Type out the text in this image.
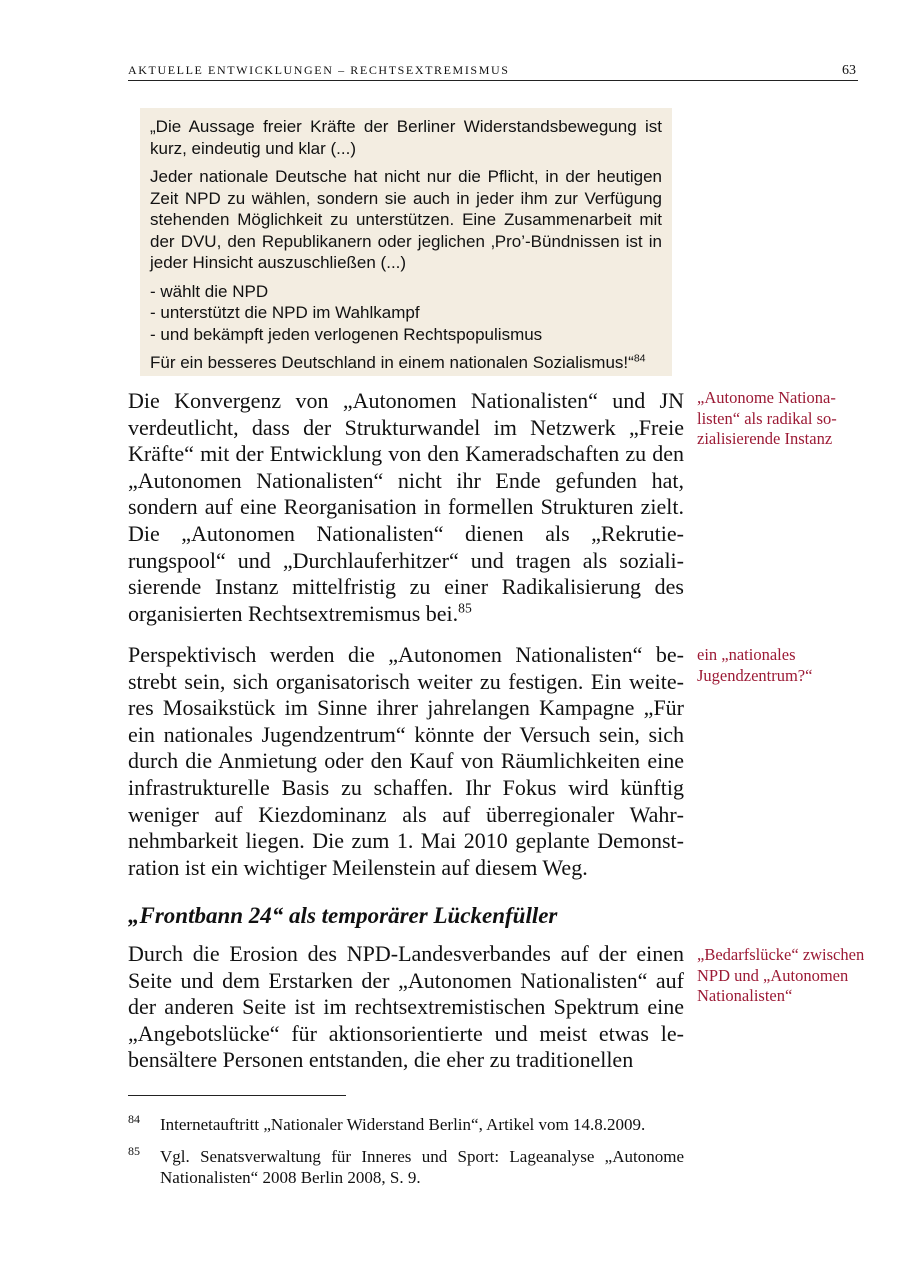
AKTUELLE ENTWICKLUNGEN – RECHTSEXTREMISMUS	63

„Die Aussage freier Kräfte der Berliner Widerstandsbewegung ist kurz, eindeutig und klar (...)

Jeder nationale Deutsche hat nicht nur die Pflicht, in der heutigen Zeit NPD zu wählen, sondern sie auch in jeder ihm zur Verfügung stehenden Möglichkeit zu unterstützen. Eine Zusammenarbeit mit der DVU, den Republikanern oder jeglichen ‚Pro’-Bündnissen ist in jeder Hinsicht auszuschließen (...)

- wählt die NPD
- unterstützt die NPD im Wahlkampf
- und bekämpft jeden verlogenen Rechtspopulismus

Für ein besseres Deutschland in einem nationalen Sozialismus!“$^{84}$

Die Konvergenz von „Autonomen Nationalisten“ und JN verdeutlicht, dass der Strukturwandel im Netzwerk „Freie Kräfte“ mit der Entwicklung von den Kameradschaften zu den „Autonomen Nationalisten“ nicht ihr Ende gefunden hat, sondern auf eine Reorganisation in formellen Strukturen zielt. Die „Autonomen Nationalisten“ dienen als „Rekrutierungspool“ und „Durchlauferhitzer“ und tragen als sozialisierende Instanz mittelfristig zu einer Radikalisierung des organisierten Rechtsextremismus bei.$^{85}$

„Autonome Nationalisten“ als radikal sozialisierende Instanz

Perspektivisch werden die „Autonomen Nationalisten“ bestrebt sein, sich organisatorisch weiter zu festigen. Ein weiteres Mosaikstück im Sinne ihrer jahrelangen Kampagne „Für ein nationales Jugendzentrum“ könnte der Versuch sein, sich durch die Anmietung oder den Kauf von Räumlichkeiten eine infrastrukturelle Basis zu schaffen. Ihr Fokus wird künftig weniger auf Kiezdominanz als auf überregionaler Wahrnehmbarkeit liegen. Die zum 1. Mai 2010 geplante Demonstration ist ein wichtiger Meilenstein auf diesem Weg.

ein „nationales Jugendzentrum?“
„Frontbann 24“ als temporärer Lückenfüller

Durch die Erosion des NPD-Landesverbandes auf der einen Seite und dem Erstarken der „Autonomen Nationalisten“ auf der anderen Seite ist im rechtsextremistischen Spektrum eine „Angebotslücke“ für aktionsorientierte und meist etwas lebensältere Personen entstanden, die eher zu traditionellen

„Bedarfslücke“ zwischen NPD und „Autonomen Nationalisten“
84 Internetauftritt „Nationaler Widerstand Berlin“, Artikel vom 14.8.2009.
85 Vgl. Senatsverwaltung für Inneres und Sport: Lageanalyse „Autonome Nationalisten“ 2008 Berlin 2008, S. 9.
